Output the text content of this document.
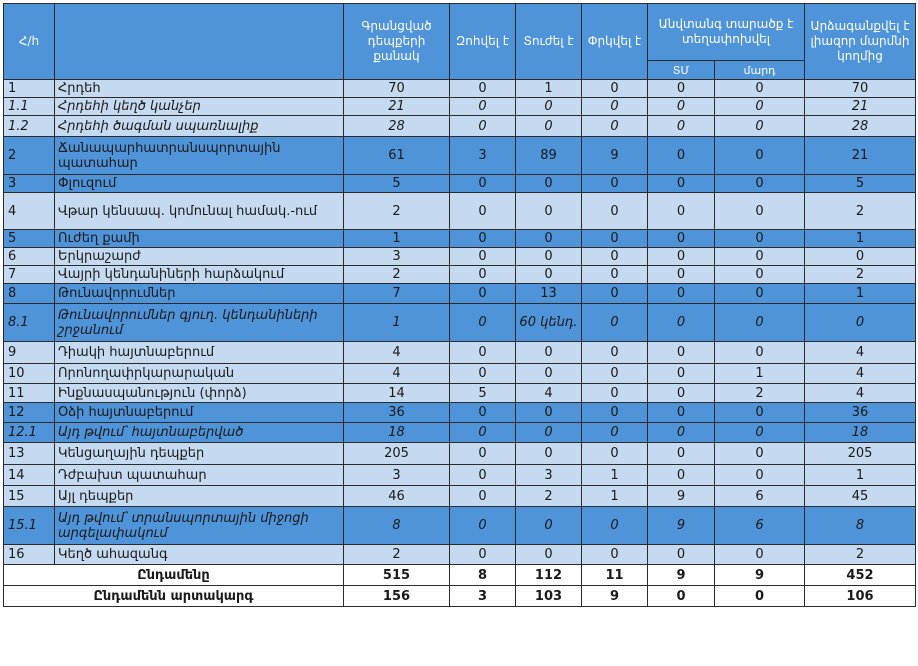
Հ/հ		Գրանցված դեպքերի քանակ	Զոհվել է	Տուժել է	Փրկվել է	Անվտանգ տարածք է տեղափոխվել		Արձագանքվել է լիազոր մարմնի կողմից
						ՏՄ	մարդ	
1	Հրդեհ	70	0	1	0	0	0	70
1.1	Հրդեհի կեղծ կանչեր	21	0	0	0	0	0	21
1.2	Հրդեհի ծագման սպառնալիք	28	0	0	0	0	0	28
2	Ճանապարհատրանսպորտային պատահար	61	3	89	9	0	0	21
3	Փլուզում	5	0	0	0	0	0	5
4	Վթար կենսապ. կոմունալ համակ.-ում	2	0	0	0	0	0	2
5	Ուժեղ քամի	1	0	0	0	0	0	1
6	Երկրաշարժ	3	0	0	0	0	0	0
7	Վայրի կենդանիների հարձակում	2	0	0	0	0	0	2
8	Թունավորումներ	7	0	13	0	0	0	1
8.1	Թունավորումներ գյուղ. կենդանիների շրջանում	1	0	60 կենդ.	0	0	0	0
9	Դիակի հայտնաբերում	4	0	0	0	0	0	4
10	Որոնողափրկարարական	4	0	0	0	0	1	4
11	Ինքնասպանություն (փորձ)	14	5	4	0	0	2	4
12	Օձի հայտնաբերում	36	0	0	0	0	0	36
12.1	Այդ թվում՝ հայտնաբերված	18	0	0	0	0	0	18
13	Կենցաղային դեպքեր	205	0	0	0	0	0	205
14	Դժբախտ պատահար	3	0	3	1	0	0	1
15	Այլ դեպքեր	46	0	2	1	9	6	45
15.1	Այդ թվում՝ տրանսպորտային միջոցի արգելափակում	8	0	0	0	9	6	8
16	Կեղծ ահազանգ	2	0	0	0	0	0	2
Ընդամենը		515	8	112	11	9	9	452
Ընդամենն արտակարգ		156	3	103	9	0	0	106
